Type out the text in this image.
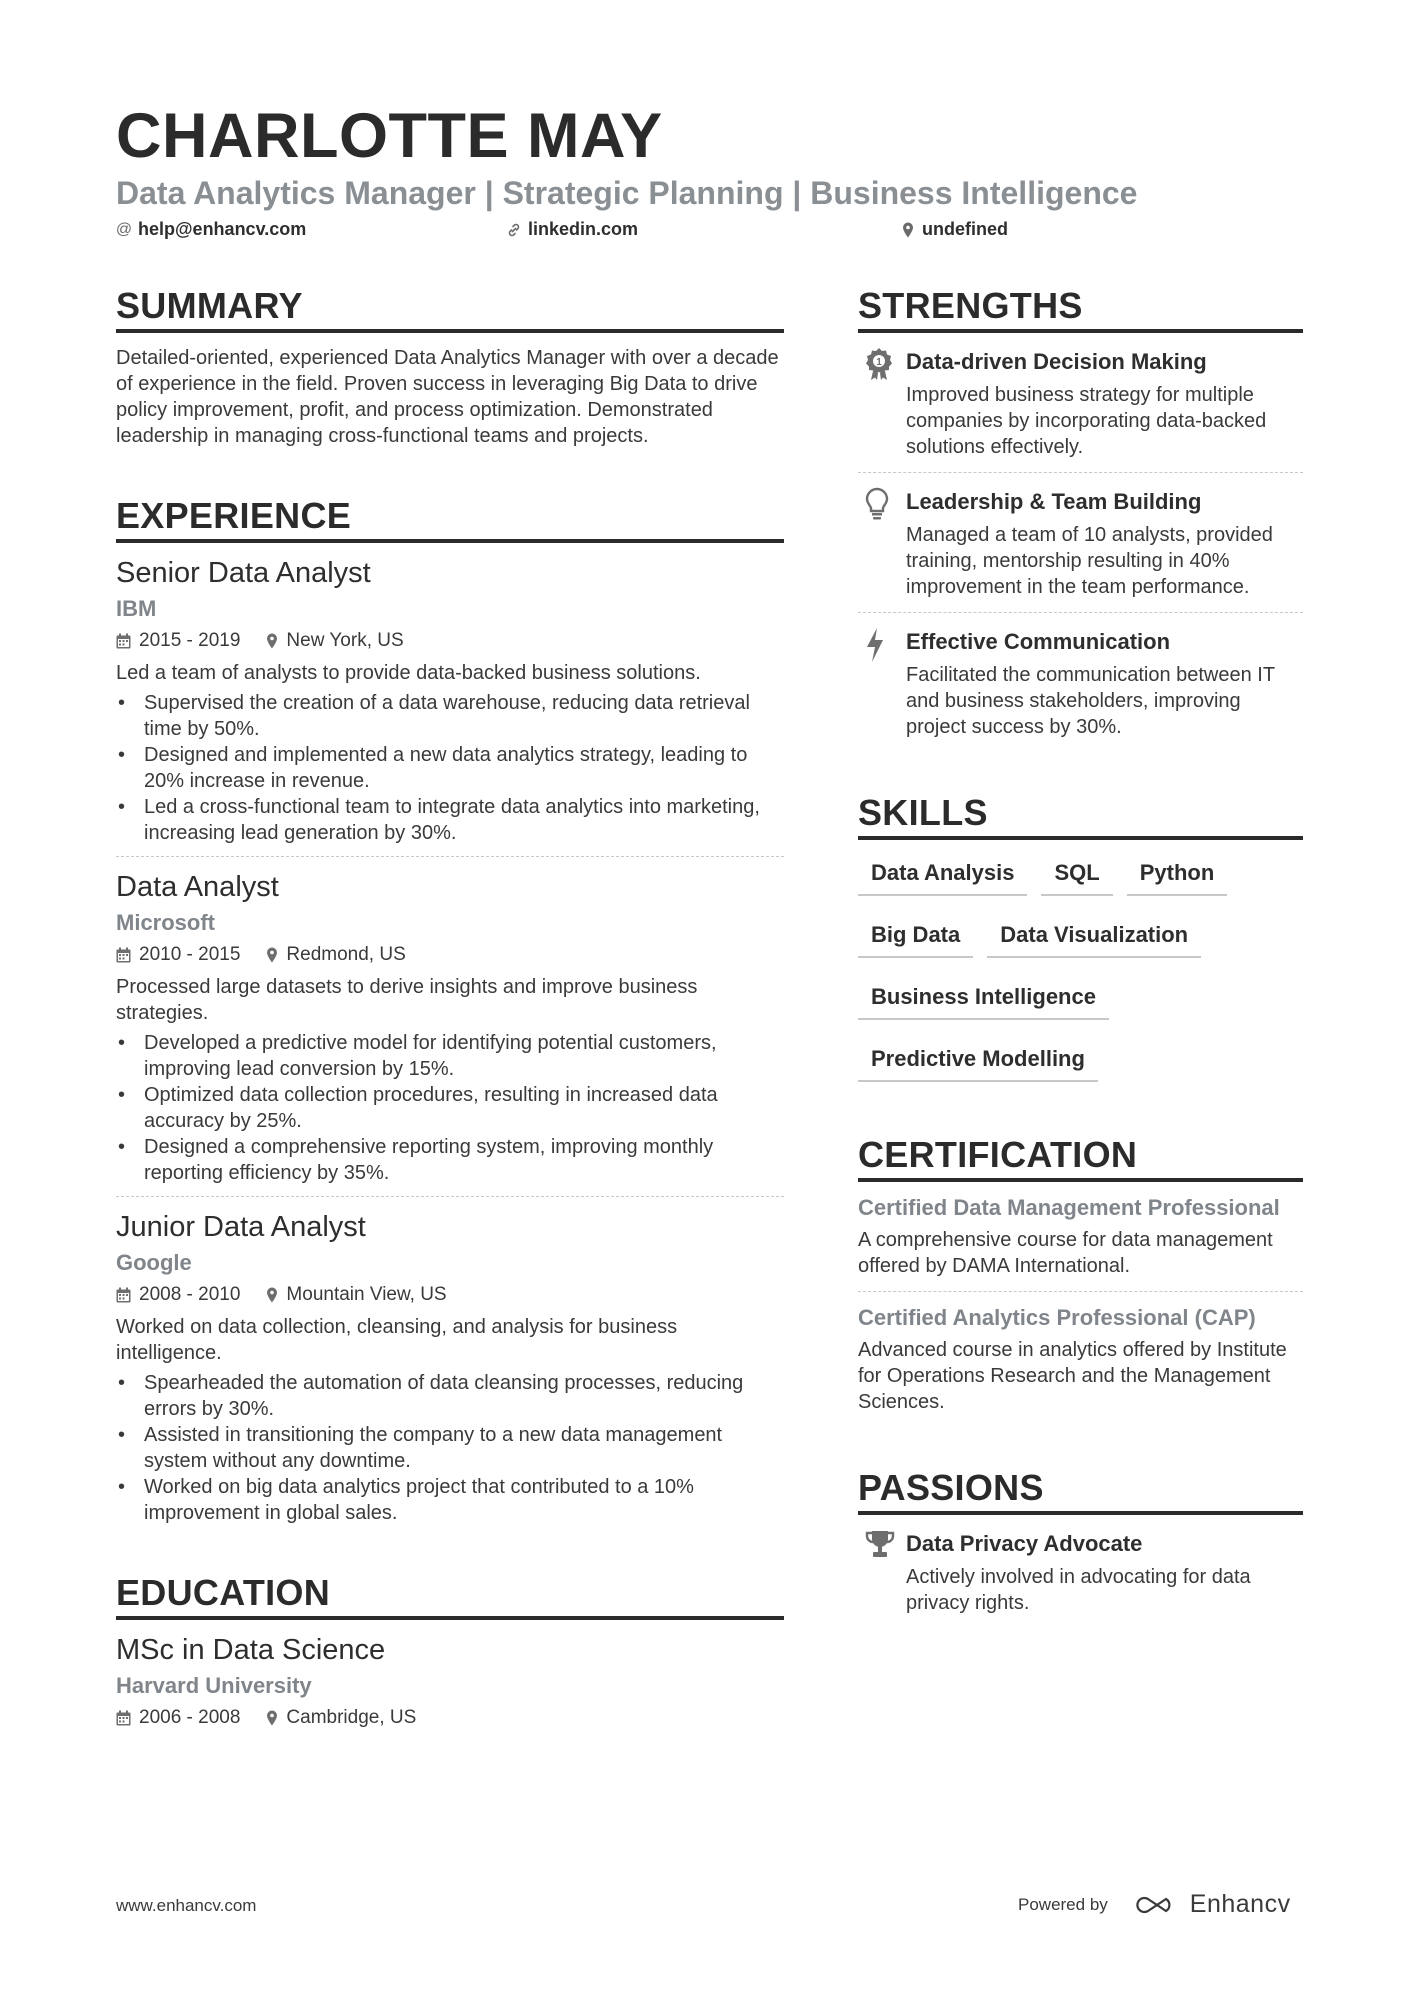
CHARLOTTE MAY
Data Analytics Manager | Strategic Planning | Business Intelligence
@ help@enhancv.com	linkedin.com	undefined
SUMMARY
Detailed-oriented, experienced Data Analytics Manager with over a decade of experience in the field. Proven success in leveraging Big Data to drive policy improvement, profit, and process optimization. Demonstrated leadership in managing cross-functional teams and projects.
EXPERIENCE
Senior Data Analyst
IBM
2015 - 2019 New York, US
Led a team of analysts to provide data-backed business solutions.
• Supervised the creation of a data warehouse, reducing data retrieval time by 50%.
• Designed and implemented a new data analytics strategy, leading to 20% increase in revenue.
• Led a cross-functional team to integrate data analytics into marketing, increasing lead generation by 30%.
Data Analyst
Microsoft
2010 - 2015 Redmond, US
Processed large datasets to derive insights and improve business strategies.
• Developed a predictive model for identifying potential customers, improving lead conversion by 15%.
• Optimized data collection procedures, resulting in increased data accuracy by 25%.
• Designed a comprehensive reporting system, improving monthly reporting efficiency by 35%.
Junior Data Analyst
Google
2008 - 2010 Mountain View, US
Worked on data collection, cleansing, and analysis for business intelligence.
• Spearheaded the automation of data cleansing processes, reducing errors by 30%.
• Assisted in transitioning the company to a new data management system without any downtime.
• Worked on big data analytics project that contributed to a 10% improvement in global sales.
EDUCATION
MSc in Data Science
Harvard University
2006 - 2008 Cambridge, US
STRENGTHS
1 Data-driven Decision Making
Improved business strategy for multiple companies by incorporating data-backed solutions effectively.
Leadership & Team Building
Managed a team of 10 analysts, provided training, mentorship resulting in 40% improvement in the team performance.
Effective Communication
Facilitated the communication between IT and business stakeholders, improving project success by 30%.
SKILLS
Data Analysis	SQL	Python
Big Data	Data Visualization
Business Intelligence
Predictive Modelling
CERTIFICATION
Certified Data Management Professional
A comprehensive course for data management offered by DAMA International.
Certified Analytics Professional (CAP)
Advanced course in analytics offered by Institute for Operations Research and the Management Sciences.
PASSIONS
Data Privacy Advocate
Actively involved in advocating for data privacy rights.
www.enhancv.com	Powered by	Enhancv
